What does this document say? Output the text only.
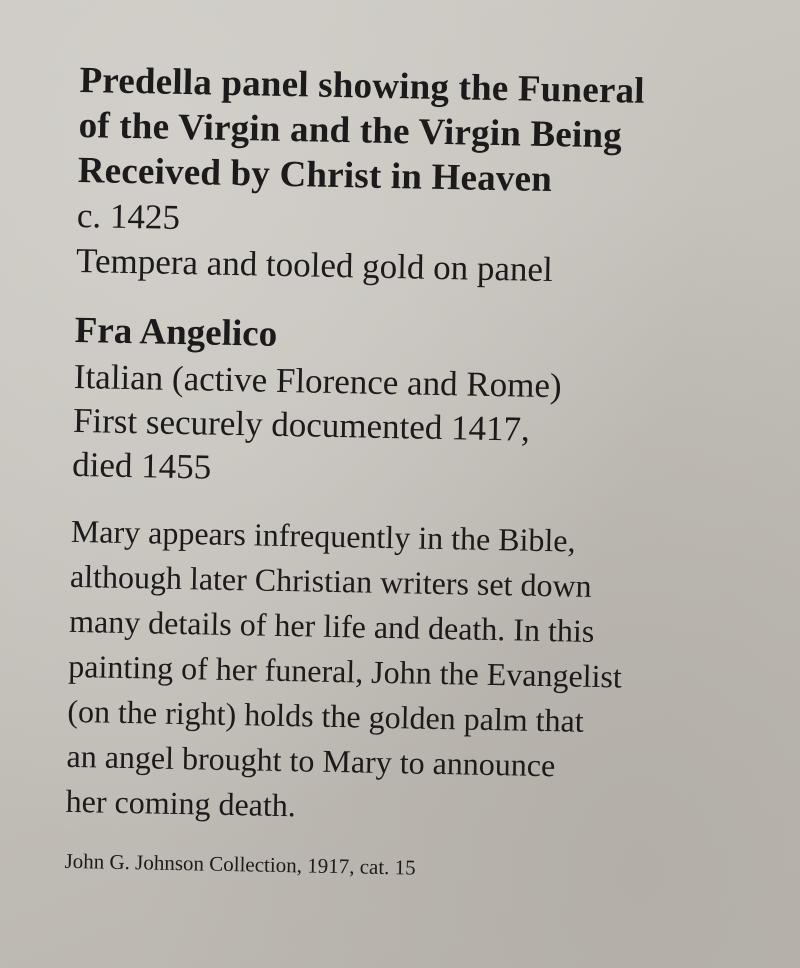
Predella panel showing the Funeral
of the Virgin and the Virgin Being
Received by Christ in Heaven
c. 1425
Tempera and tooled gold on panel
Fra Angelico
Italian (active Florence and Rome)
First securely documented 1417,
died 1455
Mary appears infrequently in the Bible,
although later Christian writers set down
many details of her life and death. In this
painting of her funeral, John the Evangelist
(on the right) holds the golden palm that
an angel brought to Mary to announce
her coming death.
John G. Johnson Collection, 1917, cat. 15
